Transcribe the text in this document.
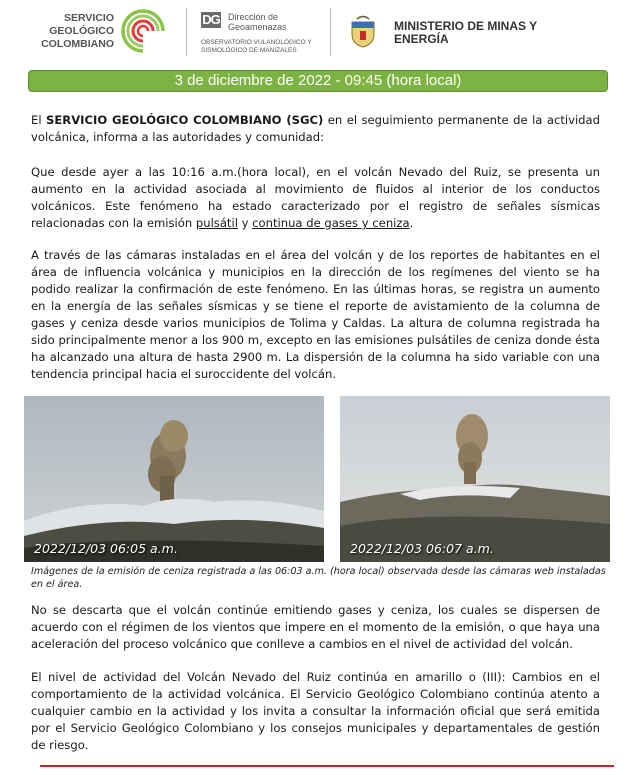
SERVICIO
GEOLÓGICO
COLOMBIANO
DG Dirección de
Geoamenazas
OBSERVATORIO VULANOLÓGICO Y
SISMOLÓGICO DE MANIZALES
MINISTERIO DE MINAS Y
ENERGÍA
3 de diciembre de 2022 - 09:45 (hora local)
El SERVICIO GEOLÓGICO COLOMBIANO (SGC) en el seguimiento permanente de la actividad volcánica, informa a las autoridades y comunidad:
Que desde ayer a las 10:16 a.m.(hora local), en el volcán Nevado del Ruiz, se presenta un aumento en la actividad asociada al movimiento de fluidos al interior de los conductos volcánicos. Este fenómeno ha estado caracterizado por el registro de señales sísmicas relacionadas con la emisión pulsátil y continua de gases y ceniza.
A través de las cámaras instaladas en el área del volcán y de los reportes de habitantes en el área de influencia volcánica y municipios en la dirección de los regímenes del viento se ha podido realizar la confirmación de este fenómeno. En las últimas horas, se registra un aumento en la energía de las señales sísmicas y se tiene el reporte de avistamiento de la columna de gases y ceniza desde varios municipios de Tolima y Caldas. La altura de columna registrada ha sido principalmente menor a los 900 m, excepto en las emisiones pulsátiles de ceniza donde ésta ha alcanzado una altura de hasta 2900 m. La dispersión de la columna ha sido variable con una tendencia principal hacia el suroccidente del volcán.
2022/12/03 06:05 a.m.	2022/12/03 06:07 a.m.
Imágenes de la emisión de ceniza registrada a las 06:03 a.m. (hora local) observada desde las cámaras web instaladas en el área.
No se descarta que el volcán continúe emitiendo gases y ceniza, los cuales se dispersen de acuerdo con el régimen de los vientos que impere en el momento de la emisión, o que haya una aceleración del proceso volcánico que conlleve a cambios en el nivel de actividad del volcán.
El nivel de actividad del Volcán Nevado del Ruiz continúa en amarillo o (III): Cambios en el comportamiento de la actividad volcánica. El Servicio Geológico Colombiano continúa atento a cualquier cambio en la actividad y los invita a consultar la información oficial que será emitida por el Servicio Geológico Colombiano y los consejos municipales y departamentales de gestión de riesgo.
